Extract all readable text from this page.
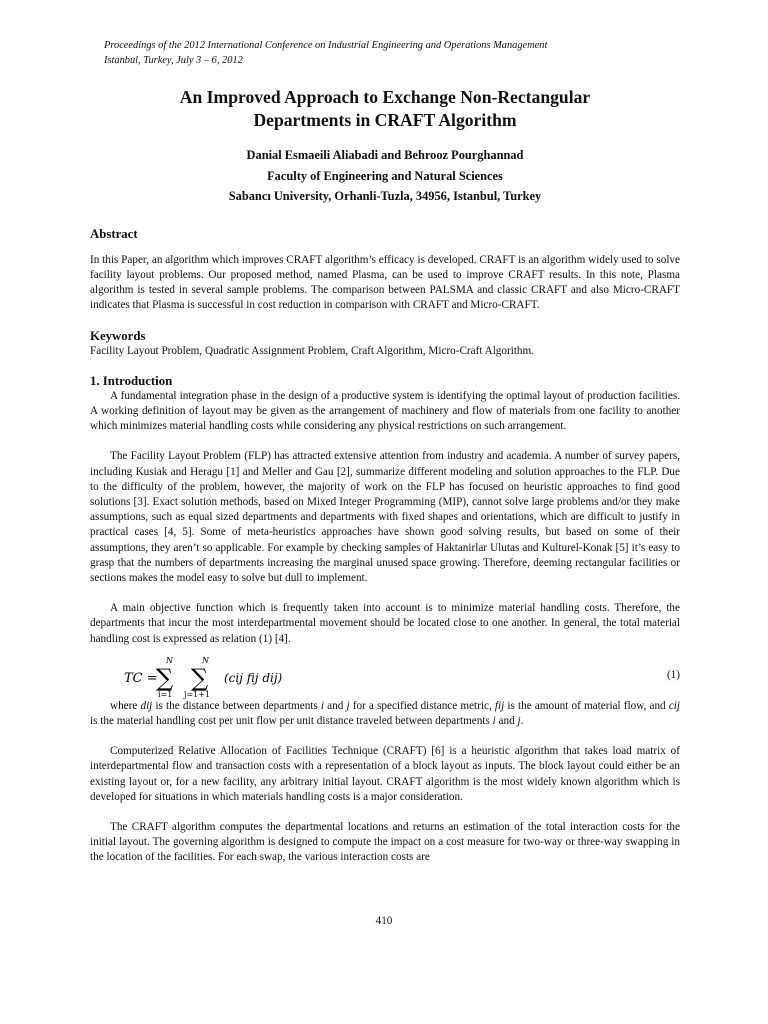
Proceedings of the 2012 International Conference on Industrial Engineering and Operations Management
Istanbul, Turkey, July 3 – 6, 2012
An Improved Approach to Exchange Non-Rectangular
Departments in CRAFT Algorithm
Danial Esmaeili Aliabadi and Behrooz Pourghannad
Faculty of Engineering and Natural Sciences
Sabancı University, Orhanli-Tuzla, 34956, Istanbul, Turkey
Abstract

In this Paper, an algorithm which improves CRAFT algorithm’s efficacy is developed. CRAFT is an algorithm widely used to solve facility layout problems. Our proposed method, named Plasma, can be used to improve CRAFT results. In this note, Plasma algorithm is tested in several sample problems. The comparison between PALSMA and classic CRAFT and also Micro-CRAFT indicates that Plasma is successful in cost reduction in comparison with CRAFT and Micro-CRAFT.

Keywords

Facility Layout Problem, Quadratic Assignment Problem, Craft Algorithm, Micro-Craft Algorithm.

1. Introduction

A fundamental integration phase in the design of a productive system is identifying the optimal layout of production facilities. A working definition of layout may be given as the arrangement of machinery and flow of materials from one facility to another which minimizes material handling costs while considering any physical restrictions on such arrangement.

The Facility Layout Problem (FLP) has attracted extensive attention from industry and academia. A number of survey papers, including Kusiak and Heragu [1] and Meller and Gau [2], summarize different modeling and solution approaches to the FLP. Due to the difficulty of the problem, however, the majority of work on the FLP has focused on heuristic approaches to find good solutions [3]. Exact solution methods, based on Mixed Integer Programming (MIP), cannot solve large problems and/or they make assumptions, such as equal sized departments and departments with fixed shapes and orientations, which are difficult to justify in practical cases [4, 5]. Some of meta-heuristics approaches have shown good solving results, but based on some of their assumptions, they aren’t so applicable. For example by checking samples of Haktanirlar Ulutas and Kulturel-Konak [5] it’s easy to grasp that the numbers of departments increasing the marginal unused space growing. Therefore, deeming rectangular facilities or sections makes the model easy to solve but dull to implement.

A main objective function which is frequently taken into account is to minimize material handling costs. Therefore, the departments that incur the most interdepartmental movement should be located close to one another. In general, the total material handling cost is expressed as relation (1) [4].

TC =
N
∑
i=1
N
∑
j=1+1
(cij fij dij)	(1)

where dij is the distance between departments i and j for a specified distance metric, fij is the amount of material flow, and cij is the material handling cost per unit flow per unit distance traveled between departments i and j.

Computerized Relative Allocation of Facilities Technique (CRAFT) [6] is a heuristic algorithm that takes load matrix of interdepartmental flow and transaction costs with a representation of a block layout as inputs. The block layout could either be an existing layout or, for a new facility, any arbitrary initial layout. CRAFT algorithm is the most widely known algorithm which is developed for situations in which materials handling costs is a major consideration.

The CRAFT algorithm computes the departmental locations and returns an estimation of the total interaction costs for the initial layout. The governing algorithm is designed to compute the impact on a cost measure for two-way or three-way swapping in the location of the facilities. For each swap, the various interaction costs are

410
